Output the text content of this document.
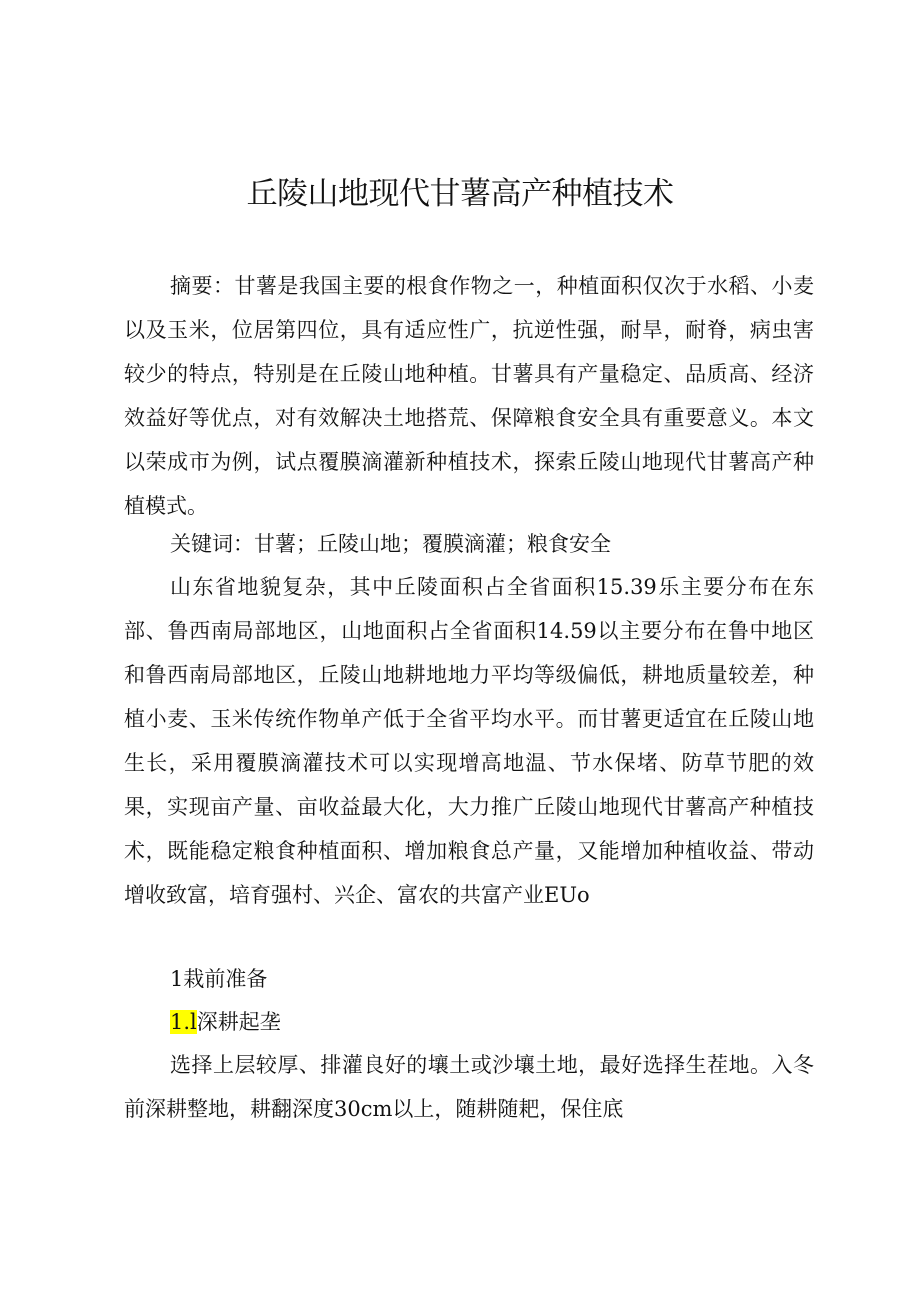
丘陵山地现代甘薯高产种植技术

摘要：甘薯是我国主要的根食作物之一，种植面积仅次于水稻、小麦以及玉米，位居第四位，具有适应性广，抗逆性强，耐旱，耐脊，病虫害较少的特点，特别是在丘陵山地种植。甘薯具有产量稳定、品质高、经济效益好等优点，对有效解决土地搭荒、保障粮食安全具有重要意义。本文以荣成市为例，试点覆膜滴灌新种植技术，探索丘陵山地现代甘薯高产种植模式。

关键词：甘薯；丘陵山地；覆膜滴灌；粮食安全

山东省地貌复杂，其中丘陵面积占全省面积15.39乐主要分布在东部、鲁西南局部地区，山地面积占全省面积14.59以主要分布在鲁中地区和鲁西南局部地区，丘陵山地耕地地力平均等级偏低，耕地质量较差，种植小麦、玉米传统作物单产低于全省平均水平。而甘薯更适宜在丘陵山地生长，采用覆膜滴灌技术可以实现增高地温、节水保堵、防草节肥的效果，实现亩产量、亩收益最大化，大力推广丘陵山地现代甘薯高产种植技术，既能稳定粮食种植面积、增加粮食总产量，又能增加种植收益、带动增收致富，培育强村、兴企、富农的共富产业EUo

1栽前准备

1.l深耕起垄

选择上层较厚、排灌良好的壤土或沙壤土地，最好选择生茬地。入冬前深耕整地，耕翻深度30cm以上，随耕随耙，保住底
